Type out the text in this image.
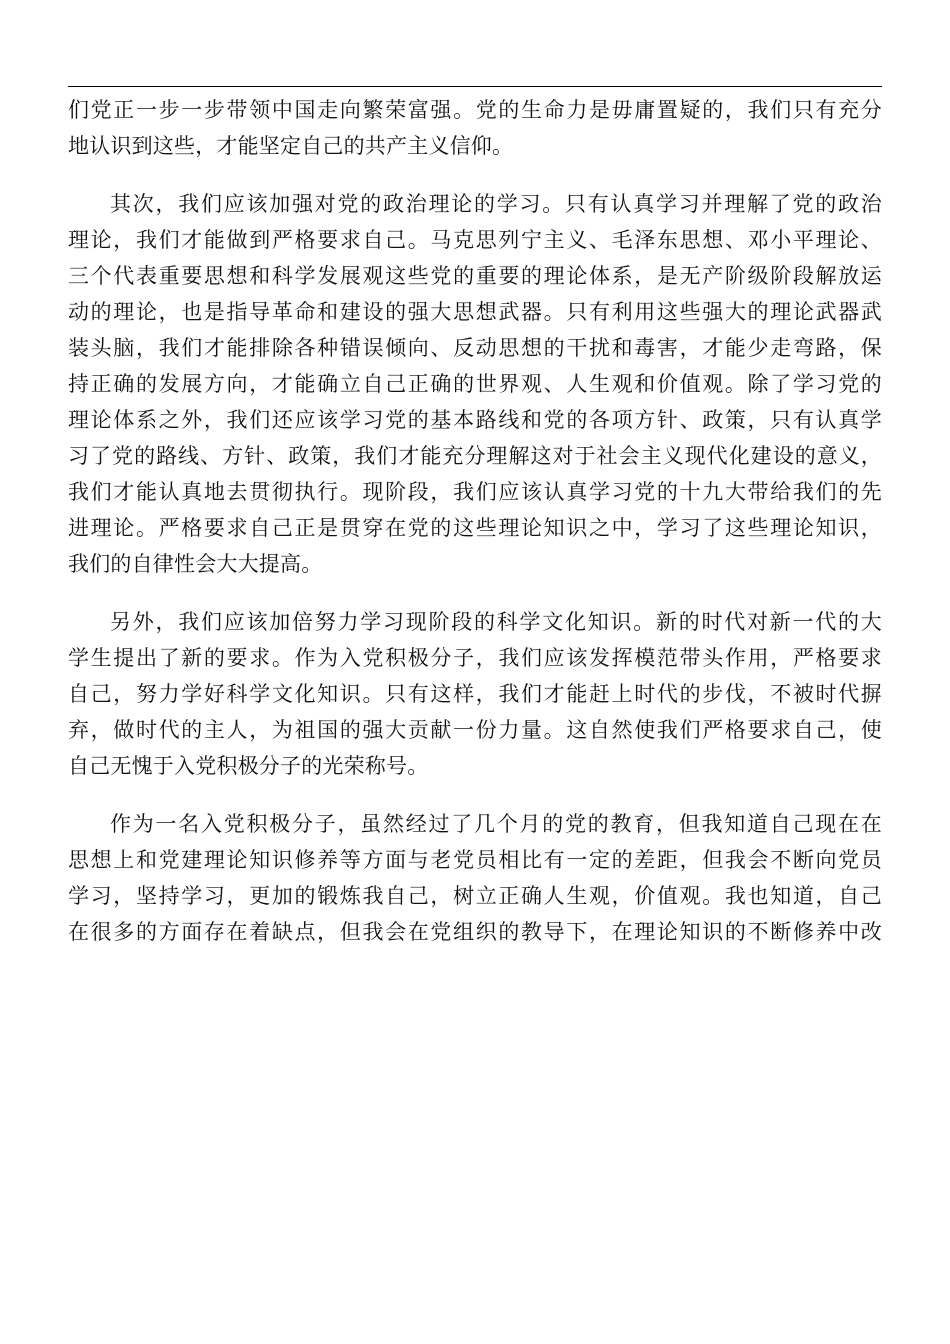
们党正一步一步带领中国走向繁荣富强。党的生命力是毋庸置疑的，我们只有充分
地认识到这些，才能坚定自己的共产主义信仰。
其次，我们应该加强对党的政治理论的学习。只有认真学习并理解了党的政治
理论，我们才能做到严格要求自己。马克思列宁主义、毛泽东思想、邓小平理论、
三个代表重要思想和科学发展观这些党的重要的理论体系，是无产阶级阶段解放运
动的理论，也是指导革命和建设的强大思想武器。只有利用这些强大的理论武器武
装头脑，我们才能排除各种错误倾向、反动思想的干扰和毒害，才能少走弯路，保
持正确的发展方向，才能确立自己正确的世界观、人生观和价值观。除了学习党的
理论体系之外，我们还应该学习党的基本路线和党的各项方针、政策，只有认真学
习了党的路线、方针、政策，我们才能充分理解这对于社会主义现代化建设的意义，
我们才能认真地去贯彻执行。现阶段，我们应该认真学习党的十九大带给我们的先
进理论。严格要求自己正是贯穿在党的这些理论知识之中，学习了这些理论知识，
我们的自律性会大大提高。
另外，我们应该加倍努力学习现阶段的科学文化知识。新的时代对新一代的大
学生提出了新的要求。作为入党积极分子，我们应该发挥模范带头作用，严格要求
自己，努力学好科学文化知识。只有这样，我们才能赶上时代的步伐，不被时代摒
弃，做时代的主人，为祖国的强大贡献一份力量。这自然使我们严格要求自己，使
自己无愧于入党积极分子的光荣称号。
作为一名入党积极分子，虽然经过了几个月的党的教育，但我知道自己现在在
思想上和党建理论知识修养等方面与老党员相比有一定的差距，但我会不断向党员
学习，坚持学习，更加的锻炼我自己，树立正确人生观，价值观。我也知道，自己
在很多的方面存在着缺点，但我会在党组织的教导下，在理论知识的不断修养中改
